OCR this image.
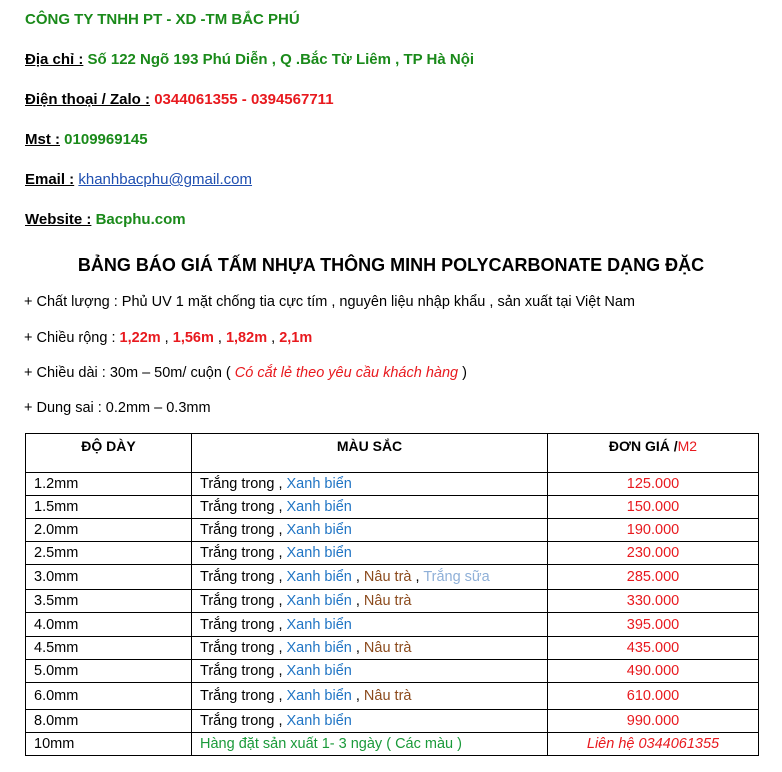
CÔNG TY TNHH PT - XD -TM BẮC PHÚ
Địa chỉ : Số 122 Ngõ 193 Phú Diễn , Q .Bắc Từ Liêm , TP Hà Nội
Điện thoại / Zalo : 0344061355 - 0394567711
Mst : 0109969145
Email : khanhbacphu@gmail.com
Website : Bacphu.com
BẢNG BÁO GIÁ TẤM NHỰA THÔNG MINH POLYCARBONATE DẠNG ĐẶC
+ Chất lượng : Phủ UV 1 mặt chống tia cực tím , nguyên liệu nhập khẩu , sản xuất tại Việt Nam
+ Chiều rộng : 1,22m , 1,56m , 1,82m , 2,1m
+ Chiều dài : 30m – 50m/ cuộn ( Có cắt lẻ theo yêu cầu khách hàng )
+ Dung sai : 0.2mm – 0.3mm
ĐỘ DÀY	MÀU SẮC	ĐƠN GIÁ /M2
1.2mm	Trắng trong , Xanh biển	125.000
1.5mm	Trắng trong , Xanh biển	150.000
2.0mm	Trắng trong , Xanh biển	190.000
2.5mm	Trắng trong , Xanh biển	230.000
3.0mm	Trắng trong , Xanh biển , Nâu trà , Trắng sữa	285.000
3.5mm	Trắng trong , Xanh biển , Nâu trà	330.000
4.0mm	Trắng trong , Xanh biển	395.000
4.5mm	Trắng trong , Xanh biển , Nâu trà	435.000
5.0mm	Trắng trong , Xanh biển	490.000
6.0mm	Trắng trong , Xanh biển , Nâu trà	610.000
8.0mm	Trắng trong , Xanh biển	990.000
10mm	Hàng đặt sản xuất 1- 3 ngày ( Các màu )	Liên hệ 0344061355
